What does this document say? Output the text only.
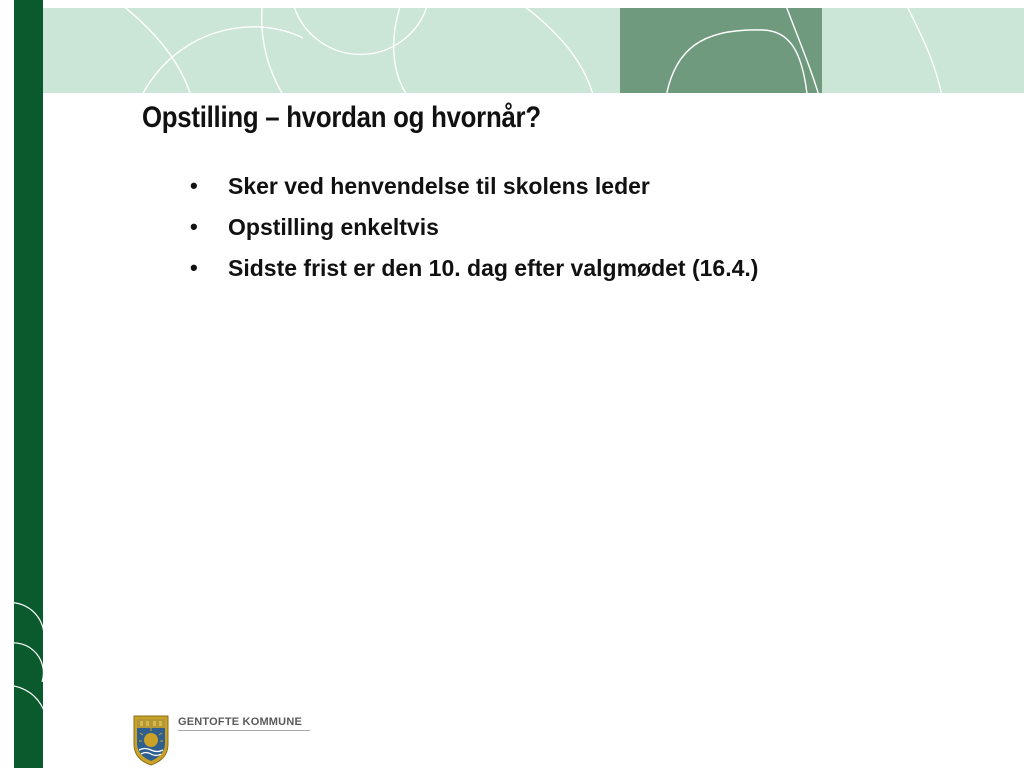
Opstilling – hvordan og hvornår?
• Sker ved henvendelse til skolens leder
• Opstilling enkeltvis
• Sidste frist er den 10. dag efter valgmødet (16.4.)
GENTOFTE KOMMUNE
